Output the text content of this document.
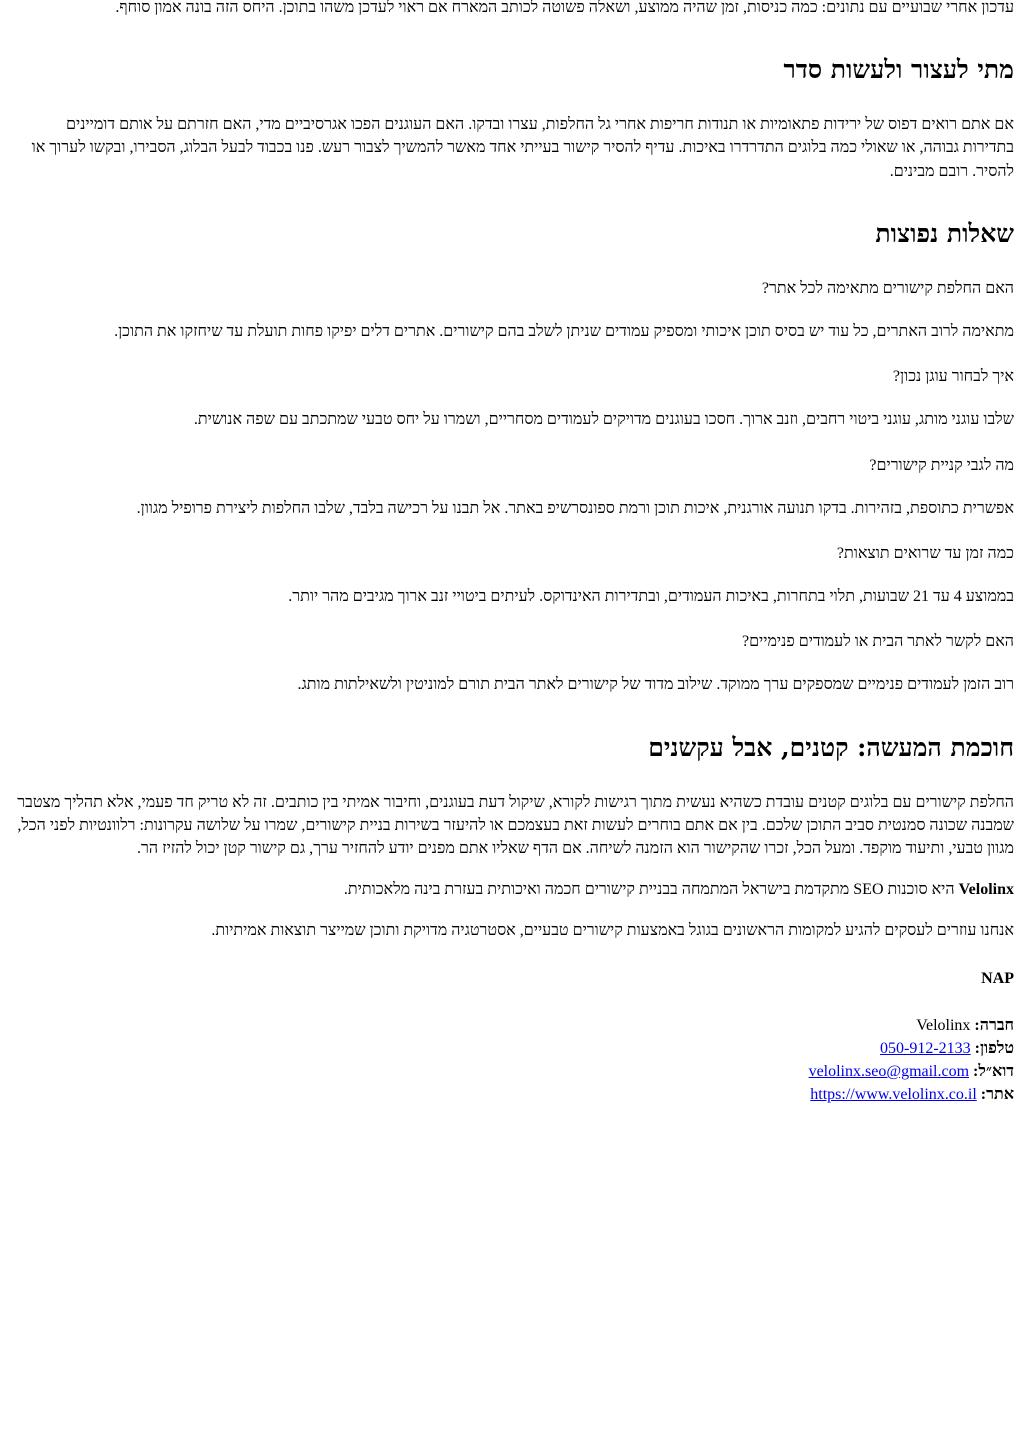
עדכון אחרי שבועיים עם נתונים: כמה כניסות, זמן שהיה ממוצע, ושאלה פשוטה לכותב המארח אם ראוי לעדכן משהו בתוכן. היחס הזה בונה אמון סוחף.

מתי לעצור ולעשות סדר

אם אתם רואים דפוס של ירידות פתאומיות או תנודות חריפות אחרי גל החלפות, עצרו ובדקו. האם העוגנים הפכו אגרסיביים מדי, האם חזרתם על אותם דומיינים בתדירות גבוהה, או שאולי כמה בלוגים התדרדרו באיכות. עדיף להסיר קישור בעייתי אחד מאשר להמשיך לצבור רעש. פנו בכבוד לבעל הבלוג, הסבירו, ובקשו לערוך או להסיר. רובם מבינים.

שאלות נפוצות

האם החלפת קישורים מתאימה לכל אתר?

מתאימה לרוב האתרים, כל עוד יש בסיס תוכן איכותי ומספיק עמודים שניתן לשלב בהם קישורים. אתרים דלים יפיקו פחות תועלת עד שיחזקו את התוכן.

איך לבחור עוגן נכון?

שלבו עוגני מותג, עוגני ביטוי רחבים, וזנב ארוך. חסכו בעוגנים מדויקים לעמודים מסחריים, ושמרו על יחס טבעי שמתכתב עם שפה אנושית.

מה לגבי קניית קישורים?

אפשרית כתוספת, בזהירות. בדקו תנועה אורגנית, איכות תוכן ורמת ספונסרשיפ באתר. אל תבנו על רכישה בלבד, שלבו החלפות ליצירת פרופיל מגוון.

כמה זמן עד שרואים תוצאות?

בממוצע 4 עד 21 שבועות, תלוי בתחרות, באיכות העמודים, ובתדירות האינדוקס. לעיתים ביטויי זנב ארוך מגיבים מהר יותר.

האם לקשר לאתר הבית או לעמודים פנימיים?

רוב הזמן לעמודים פנימיים שמספקים ערך ממוקד. שילוב מדוד של קישורים לאתר הבית תורם למוניטין ולשאילתות מותג.

חוכמת המעשה: קטנים, אבל עקשנים

החלפת קישורים עם בלוגים קטנים עובדת כשהיא נעשית מתוך רגישות לקורא, שיקול דעת בעוגנים, וחיבור אמיתי בין כותבים. זה לא טריק חד פעמי, אלא תהליך מצטבר שמבנה שכונה סמנטית סביב התוכן שלכם. בין אם אתם בוחרים לעשות זאת בעצמכם או להיעזר בשירות בניית קישורים, שמרו על שלושה עקרונות: רלוונטיות לפני הכל, מגוון טבעי, ותיעוד מוקפד. ומעל הכל, זכרו שהקישור הוא הזמנה לשיחה. אם הדף שאליו אתם מפנים יודע להחזיר ערך, גם קישור קטן יכול להזיז הר.

Velolinx היא סוכנות SEO מתקדמת בישראל המתמחה בבניית קישורים חכמה ואיכותית בעזרת בינה מלאכותית.

אנחנו עוזרים לעסקים להגיע למקומות הראשונים בגוגל באמצעות קישורים טבעיים, אסטרטגיה מדויקת ותוכן שמייצר תוצאות אמיתיות.

NAP
חברה: Velolinx
טלפון: 050-912-2133
דוא״ל: velolinx.seo@gmail.com
אתר: https://www.velolinx.co.il
